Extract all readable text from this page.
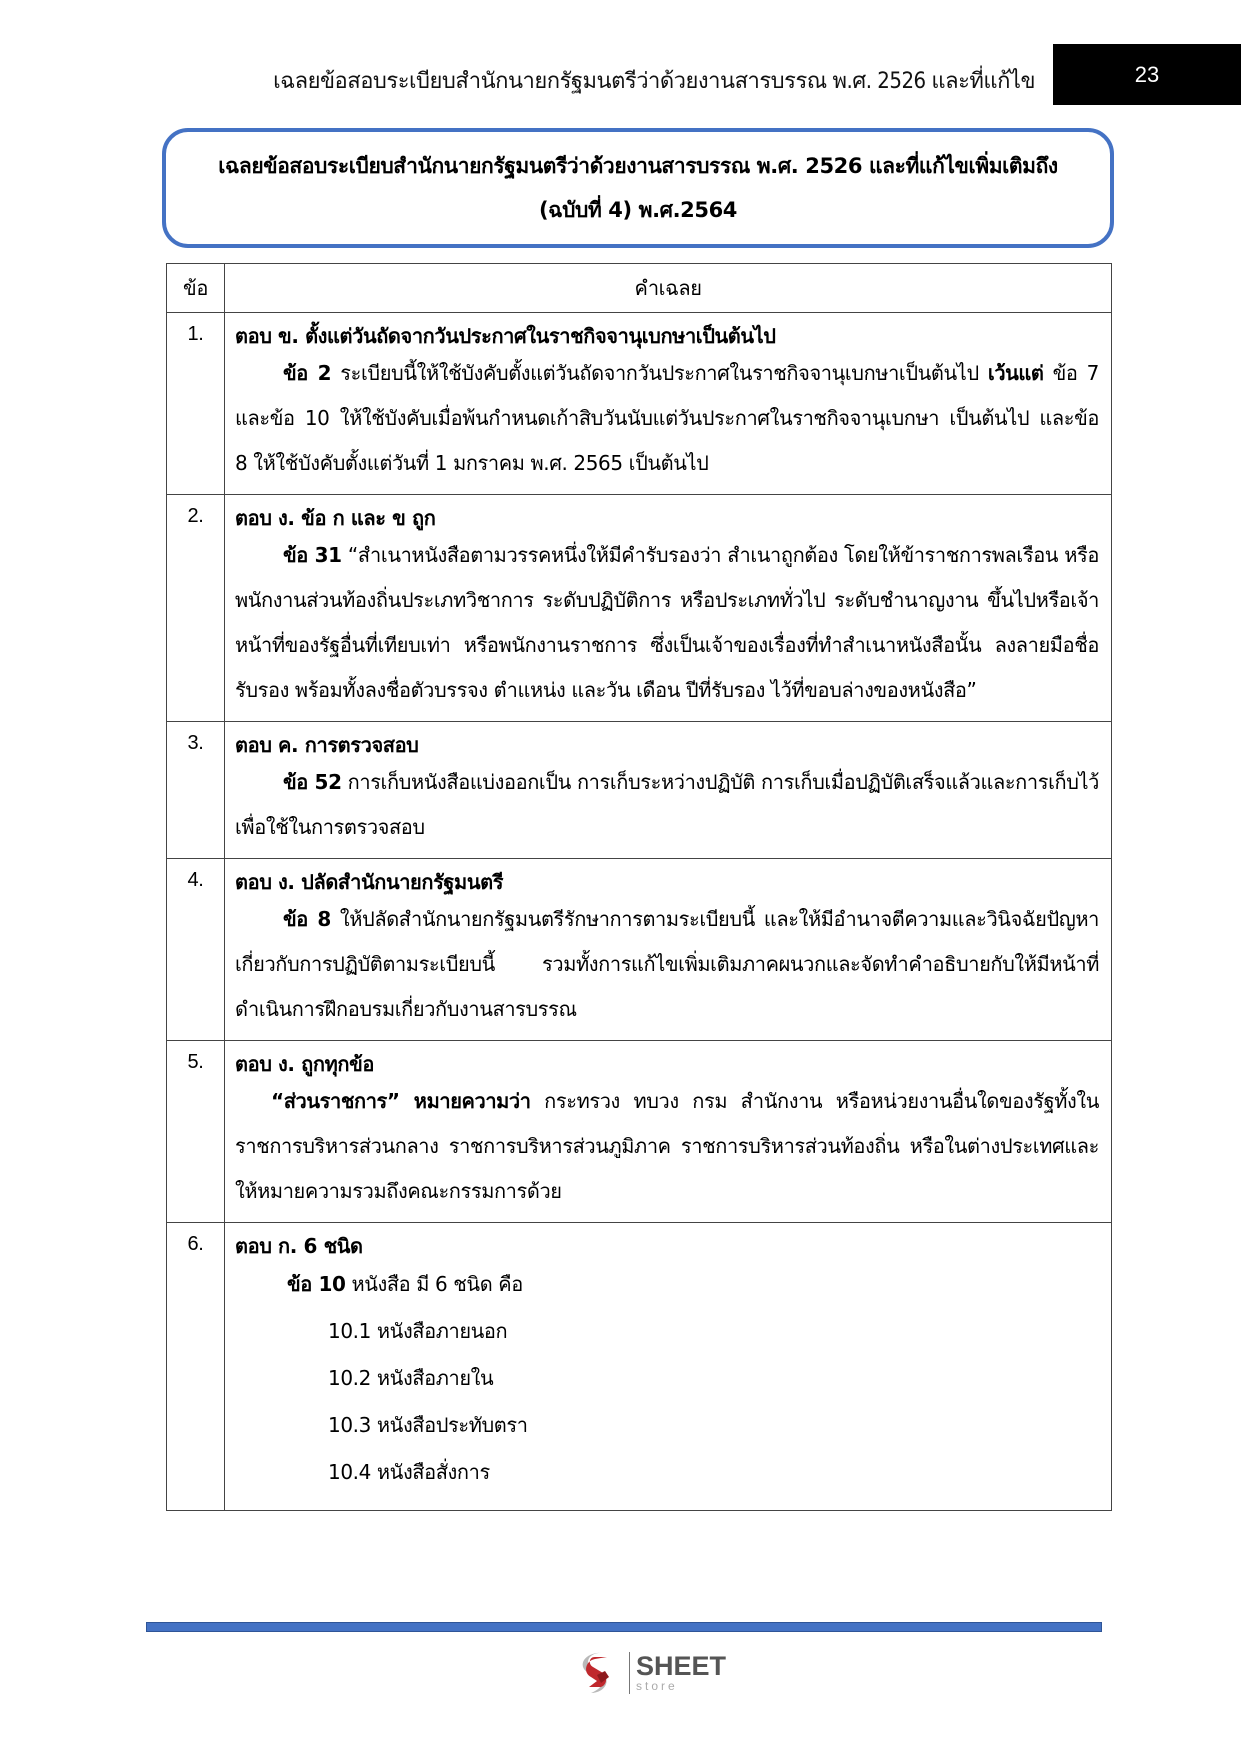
เฉลยข้อสอบระเบียบสำนักนายกรัฐมนตรีว่าด้วยงานสารบรรณ พ.ศ. 2526 และที่แก้ไข	23
เฉลยข้อสอบระเบียบสำนักนายกรัฐมนตรีว่าด้วยงานสารบรรณ พ.ศ. 2526 และที่แก้ไขเพิ่มเติมถึง
(ฉบับที่ 4) พ.ศ.2564
ข้อ	คำเฉลย
1.	ตอบ ข. ตั้งแต่วันถัดจากวันประกาศในราชกิจจานุเบกษาเป็นต้นไป
ข้อ 2 ระเบียบนี้ให้ใช้บังคับตั้งแต่วันถัดจากวันประกาศในราชกิจจานุเบกษาเป็นต้นไป เว้นแต่ ข้อ 7 และข้อ 10 ให้ใช้บังคับเมื่อพ้นกำหนดเก้าสิบวันนับแต่วันประกาศในราชกิจจานุเบกษา เป็นต้นไป และข้อ 8 ให้ใช้บังคับตั้งแต่วันที่ 1 มกราคม พ.ศ. 2565 เป็นต้นไป

2.	ตอบ ง. ข้อ ก และ ข ถูก
ข้อ 31 “สำเนาหนังสือตามวรรคหนึ่งให้มีคำรับรองว่า สำเนาถูกต้อง โดยให้ข้าราชการพลเรือน หรือพนักงานส่วนท้องถิ่นประเภทวิชาการ ระดับปฏิบัติการ หรือประเภททั่วไป ระดับชำนาญงาน ขึ้นไปหรือเจ้าหน้าที่ของรัฐอื่นที่เทียบเท่า หรือพนักงานราชการ ซึ่งเป็นเจ้าของเรื่องที่ทำสำเนาหนังสือนั้น ลงลายมือชื่อรับรอง พร้อมทั้งลงชื่อตัวบรรจง ตำแหน่ง และวัน เดือน ปีที่รับรอง ไว้ที่ขอบล่างของหนังสือ”

3.	ตอบ ค. การตรวจสอบ
ข้อ 52 การเก็บหนังสือแบ่งออกเป็น การเก็บระหว่างปฏิบัติ การเก็บเมื่อปฏิบัติเสร็จแล้วและการเก็บไว้เพื่อใช้ในการตรวจสอบ

4.	ตอบ ง. ปลัดสำนักนายกรัฐมนตรี
ข้อ 8 ให้ปลัดสำนักนายกรัฐมนตรีรักษาการตามระเบียบนี้ และให้มีอำนาจตีความและวินิจฉัยปัญหาเกี่ยวกับการปฏิบัติตามระเบียบนี้ รวมทั้งการแก้ไขเพิ่มเติมภาคผนวกและจัดทำคำอธิบายกับให้มีหน้าที่ดำเนินการฝึกอบรมเกี่ยวกับงานสารบรรณ

5.	ตอบ ง. ถูกทุกข้อ
“ส่วนราชการ” หมายความว่า กระทรวง ทบวง กรม สำนักงาน หรือหน่วยงานอื่นใดของรัฐทั้งในราชการบริหารส่วนกลาง ราชการบริหารส่วนภูมิภาค ราชการบริหารส่วนท้องถิ่น หรือในต่างประเทศและให้หมายความรวมถึงคณะกรรมการด้วย

6.	ตอบ ก. 6 ชนิด
ข้อ 10 หนังสือ มี 6 ชนิด คือ
10.1 หนังสือภายนอก
10.2 หนังสือภายใน
10.3 หนังสือประทับตรา
10.4 หนังสือสั่งการ
SHEET
store
